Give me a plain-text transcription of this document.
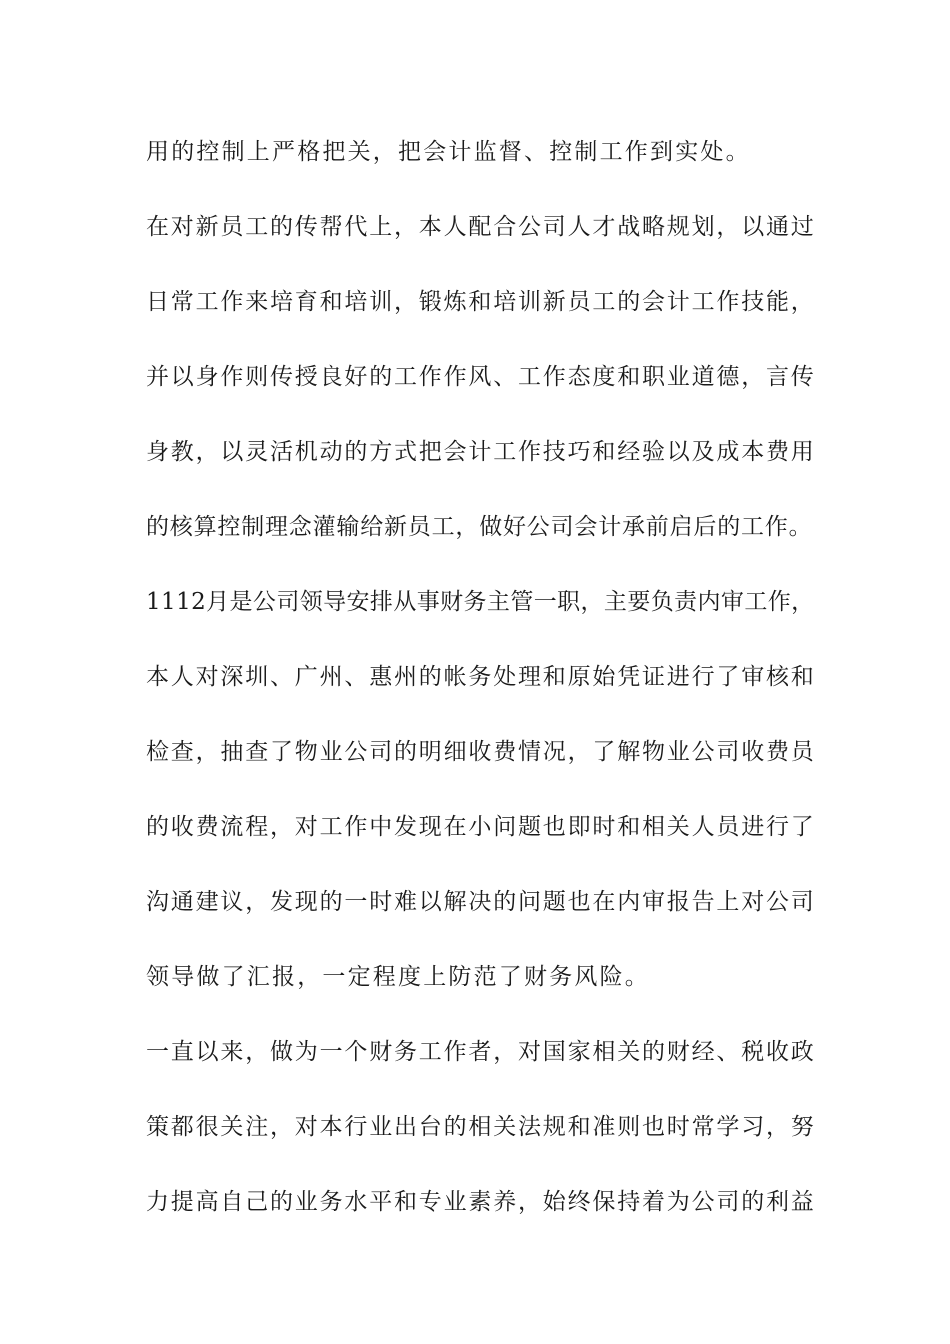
用的控制上严格把关，把会计监督、控制工作到实处。
在对新员工的传帮代上，本人配合公司人才战略规划，以通过
日常工作来培育和培训，锻炼和培训新员工的会计工作技能，
并以身作则传授良好的工作作风、工作态度和职业道德，言传
身教，以灵活机动的方式把会计工作技巧和经验以及成本费用
的核算控制理念灌输给新员工，做好公司会计承前启后的工作。
1112月是公司领导安排从事财务主管一职，主要负责内审工作，
本人对深圳、广州、惠州的帐务处理和原始凭证进行了审核和
检查，抽查了物业公司的明细收费情况，了解物业公司收费员
的收费流程，对工作中发现在小问题也即时和相关人员进行了
沟通建议，发现的一时难以解决的问题也在内审报告上对公司
领导做了汇报，一定程度上防范了财务风险。
一直以来，做为一个财务工作者，对国家相关的财经、税收政
策都很关注，对本行业出台的相关法规和准则也时常学习，努
力提高自己的业务水平和专业素养，始终保持着为公司的利益
